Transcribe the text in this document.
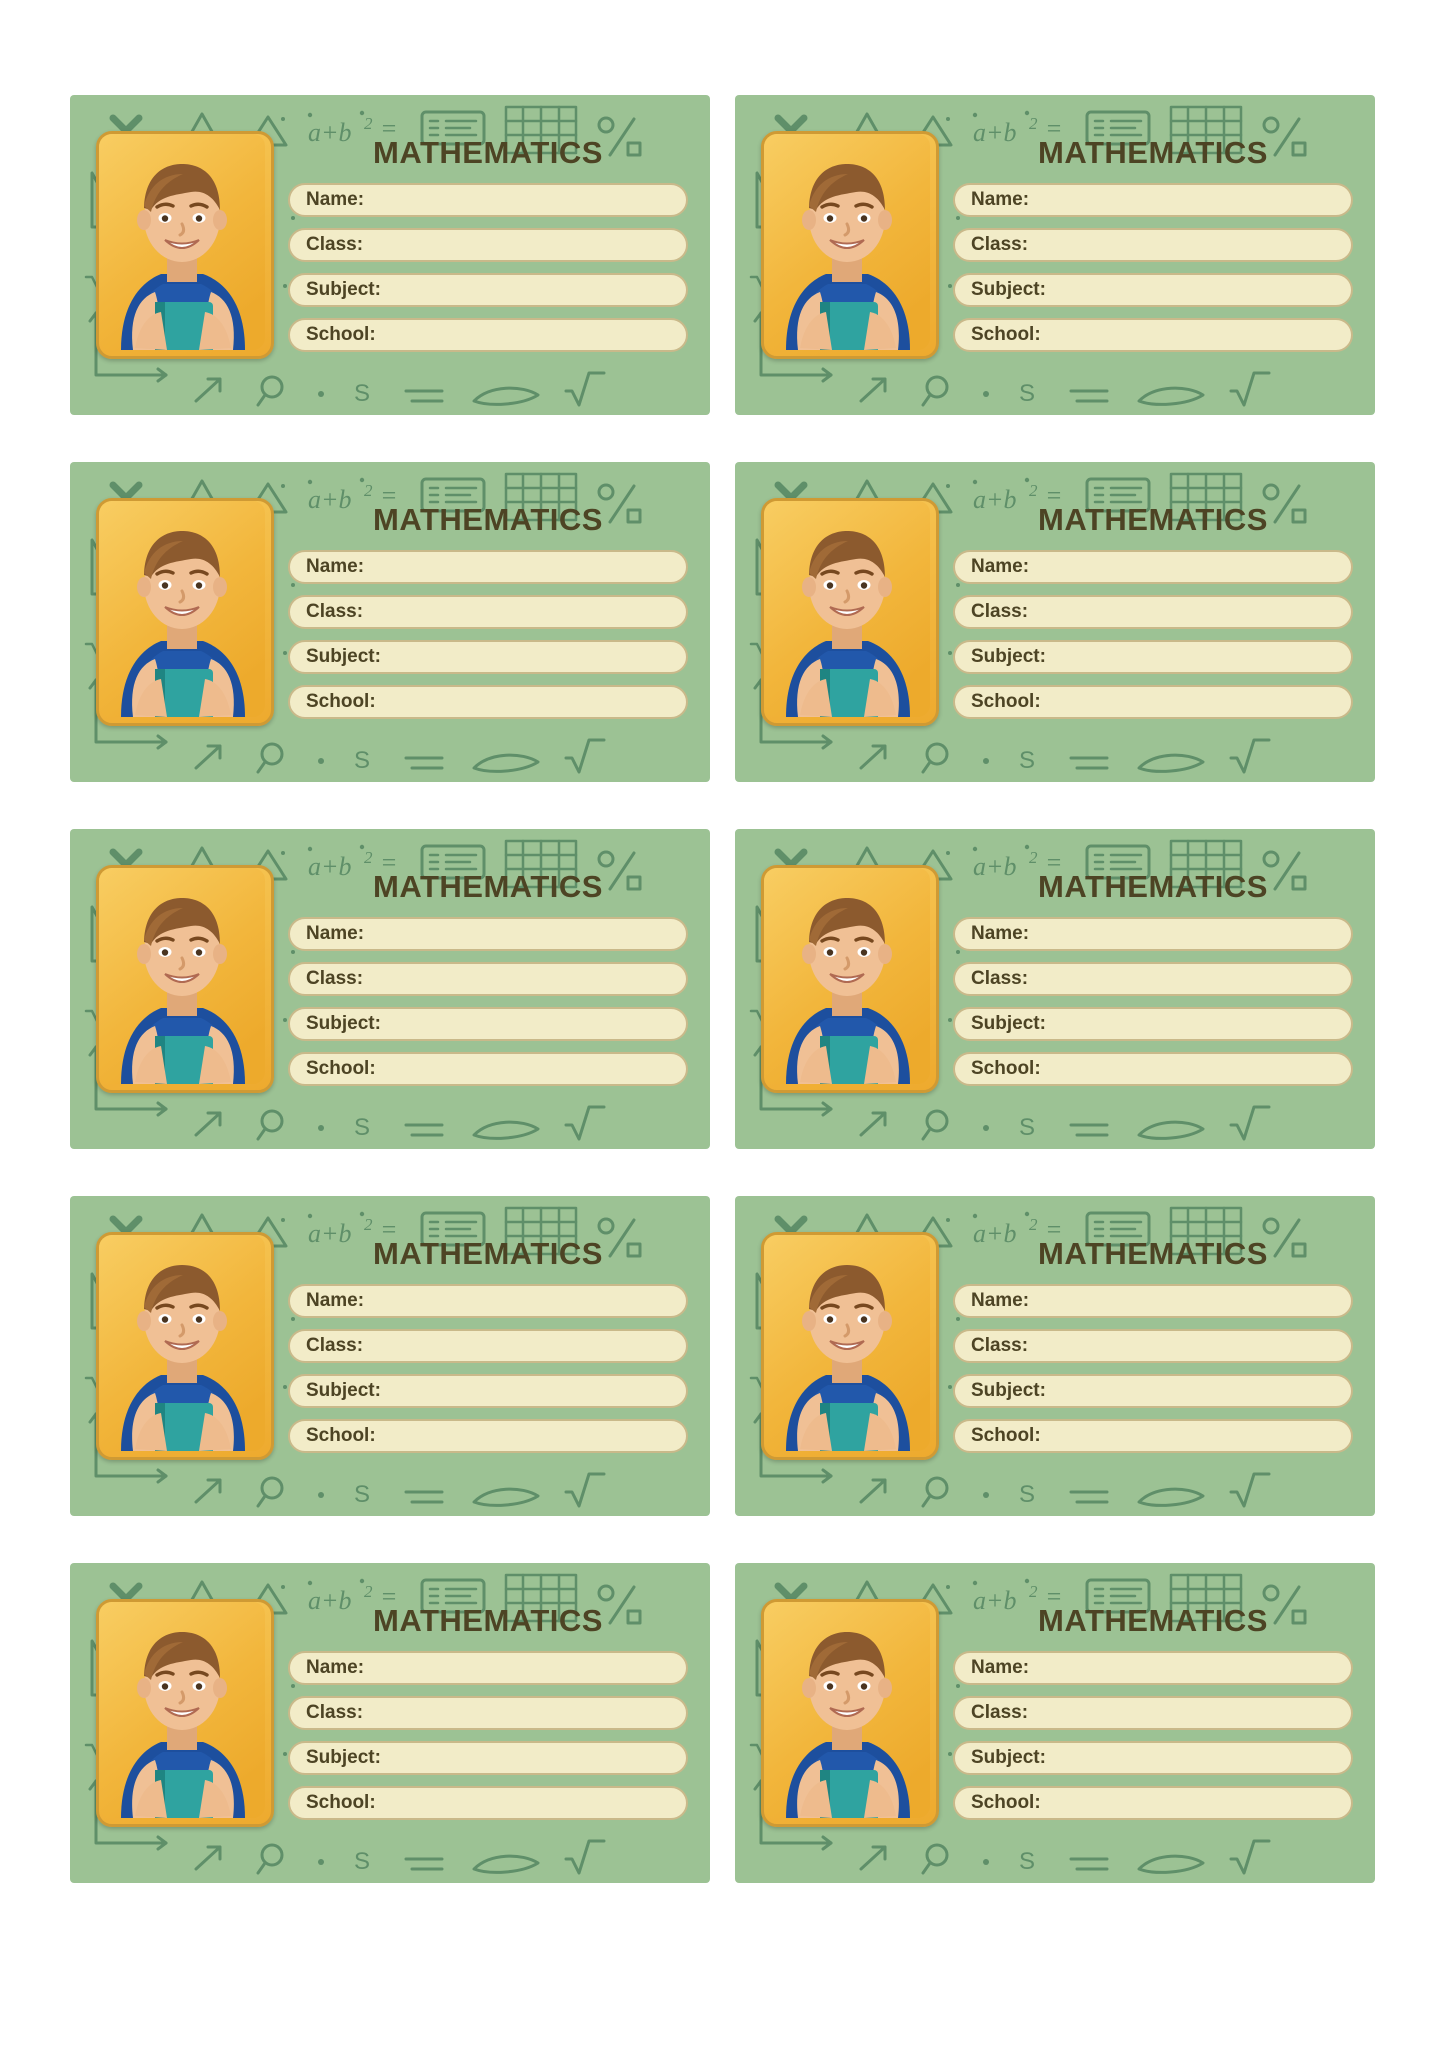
a+b 2 =
S
MATHEMATICS
Name:
Class:
Subject:
School:
a+b 2 =
S
MATHEMATICS
Name:
Class:
Subject:
School:
a+b 2 =
S
MATHEMATICS
Name:
Class:
Subject:
School:
a+b 2 =
S
MATHEMATICS
Name:
Class:
Subject:
School:
a+b 2 =
S
MATHEMATICS
Name:
Class:
Subject:
School:
a+b 2 =
S
MATHEMATICS
Name:
Class:
Subject:
School:
a+b 2 =
S
MATHEMATICS
Name:
Class:
Subject:
School:
a+b 2 =
S
MATHEMATICS
Name:
Class:
Subject:
School:
a+b 2 =
S
MATHEMATICS
Name:
Class:
Subject:
School:
a+b 2 =
S
MATHEMATICS
Name:
Class:
Subject:
School:
